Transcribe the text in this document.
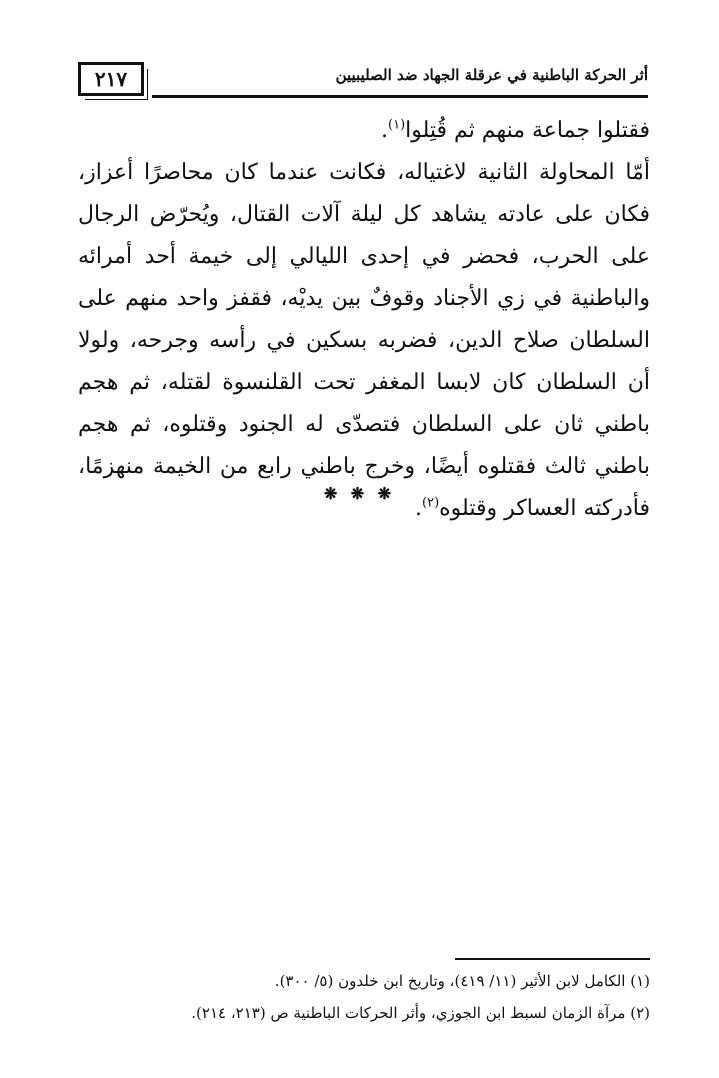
٢١٧	أثر الحركة الباطنية في عرقلة الجهاد ضد الصليبيين

فقتلوا جماعة منهم ثم قُتِلوا$^{(١)}$.

أمّا المحاولة الثانية لاغتياله، فكانت عندما كان محاصرًا أعزاز، فكان على عادته يشاهد كل ليلة آلات القتال، ويُحرّض الرجال على الحرب، فحضر في إحدى الليالي إلى خيمة أحد أمرائه والباطنية في زي الأجناد وقوفٌ بين يديْه، فقفز واحد منهم على السلطان صلاح الدين، فضربه بسكين في رأسه وجرحه، ولولا أن السلطان كان لابسا المغفر تحت القلنسوة لقتله، ثم هجم باطني ثان على السلطان فتصدّى له الجنود وقتلوه، ثم هجم باطني ثالث فقتلوه أيضًا، وخرج باطني رابع من الخيمة منهزمًا، فأدركته العساكر وقتلوه$^{(٢)}$.

❋ ❋ ❋

(١) الكامل لابن الأثير (١١/ ٤١٩)، وتاريخ ابن خلدون (٥/ ٣٠٠).

(٢) مرآة الزمان لسبط ابن الجوزي، وأثر الحركات الباطنية ص (٢١٣، ٢١٤).
